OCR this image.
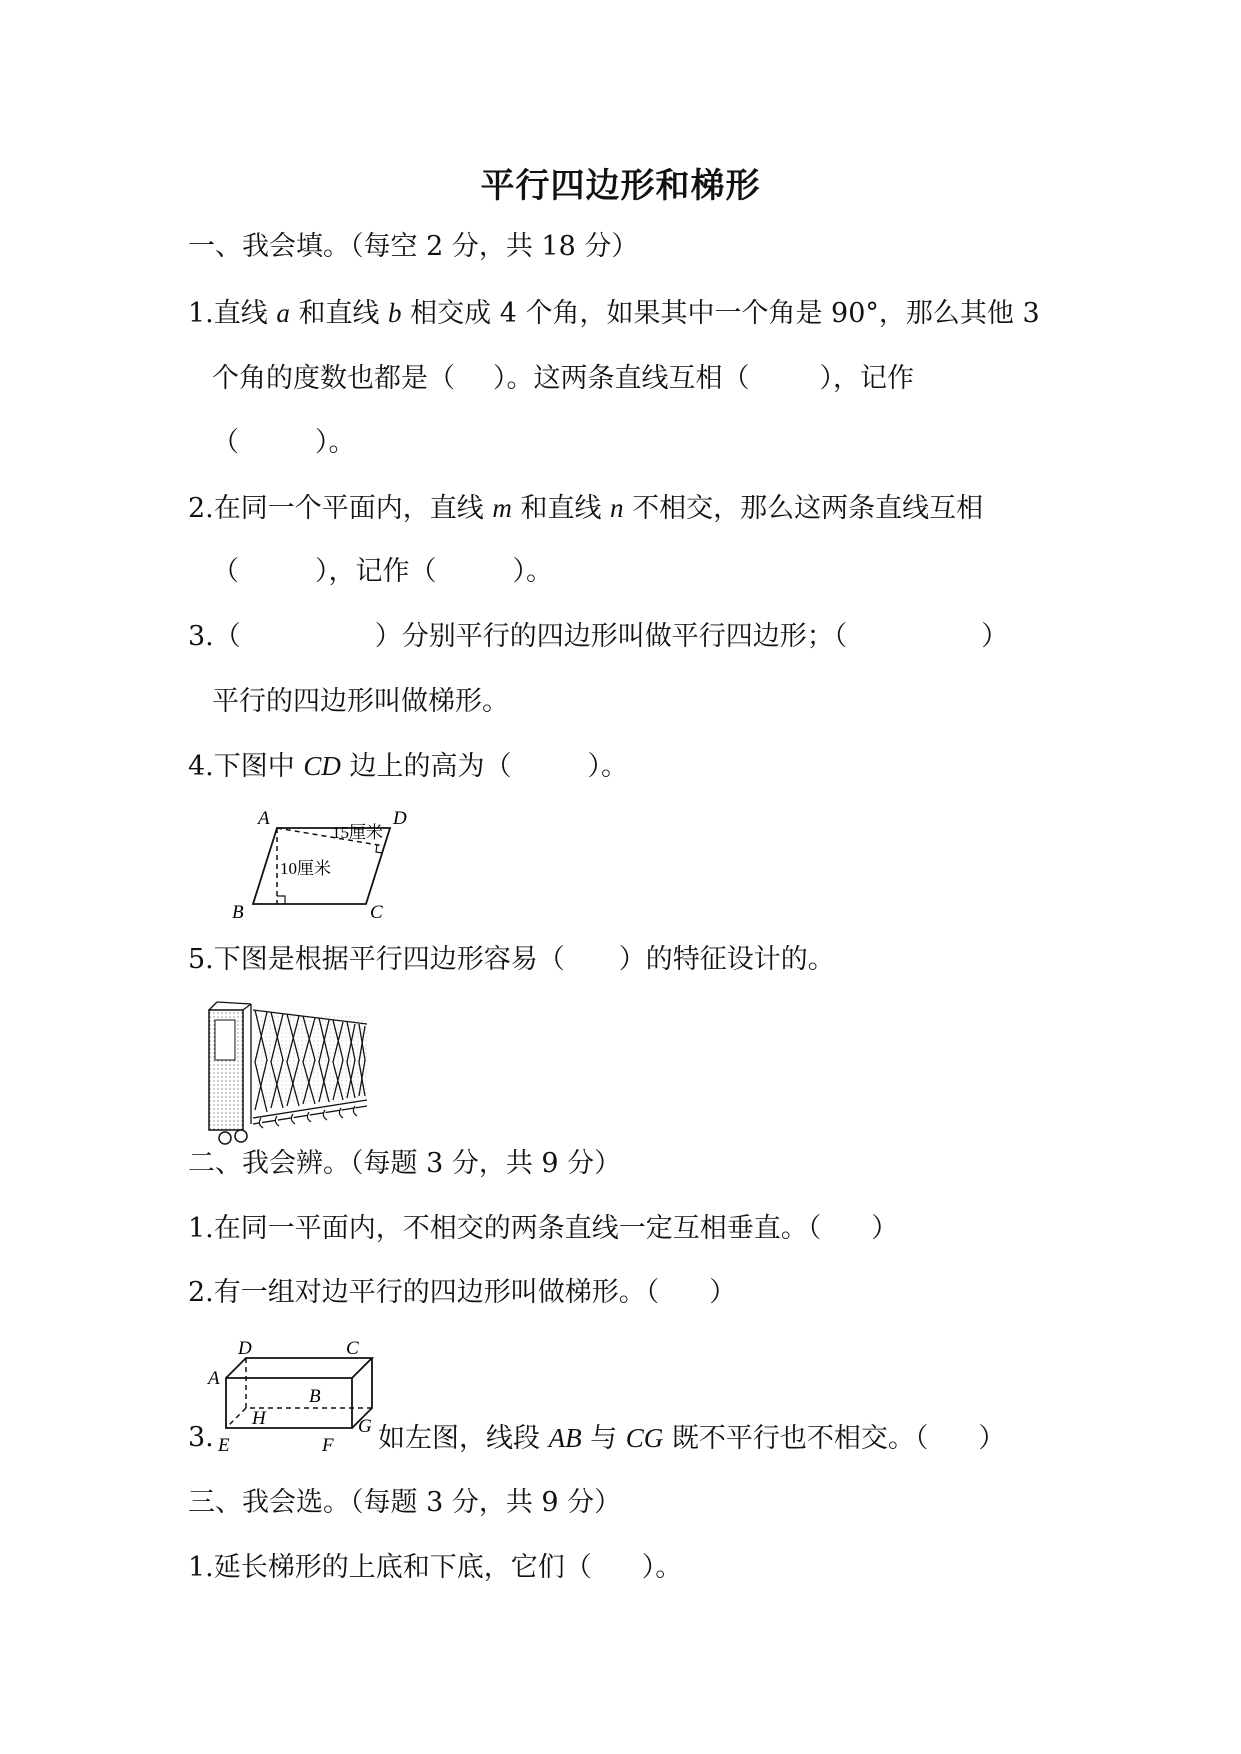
平行四边形和梯形
一、我会填。（每空 2 分，共 18 分）
1.直线 a 和直线 b 相交成 4 个角，如果其中一个角是 90°，那么其他 3
个角的度数也都是（ ）。这两条直线互相（	），记作
（	）。
2.在同一个平面内，直线 m 和直线 n 不相交，那么这两条直线互相
（	），记作（	）。
3.（	）分别平行的四边形叫做平行四边形；（	）
平行的四边形叫做梯形。
4.下图中 CD 边上的高为（	）。
A	D
B	C
15厘米
10厘米
5.下图是根据平行四边形容易（ ）的特征设计的。
二、我会辨。（每题 3 分，共 9 分）
1.在同一平面内，不相交的两条直线一定互相垂直。（ ）
2.有一组对边平行的四边形叫做梯形。（ ）
D	C
A
B
H	G
E	F
3.	如左图，线段 AB 与 CG 既不平行也不相交。（ ）
三、我会选。（每题 3 分，共 9 分）
1.延长梯形的上底和下底，它们（ ）。
